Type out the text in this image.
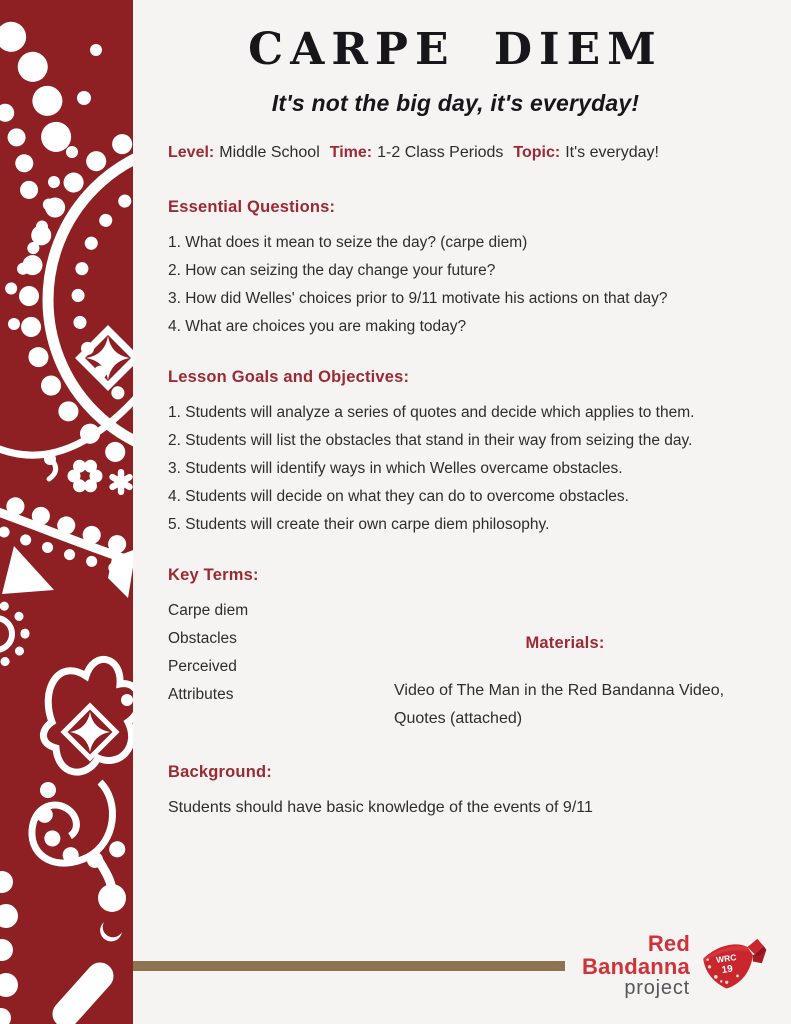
CARPE DIEM
It's not the big day, it's everyday!
Level: Middle School Time: 1-2 Class Periods Topic: It's everyday!
Essential Questions:
1. What does it mean to seize the day? (carpe diem)
2. How can seizing the day change your future?
3. How did Welles' choices prior to 9/11 motivate his actions on that day?
4. What are choices you are making today?
Lesson Goals and Objectives:
1. Students will analyze a series of quotes and decide which applies to them.
2. Students will list the obstacles that stand in their way from seizing the day.
3. Students will identify ways in which Welles overcame obstacles.
4. Students will decide on what they can do to overcome obstacles.
5. Students will create their own carpe diem philosophy.
Key Terms:
Carpe diem
Obstacles
Perceived
Attributes
Materials:
Video of The Man in the Red Bandanna Video, Quotes (attached)
Background:
Students should have basic knowledge of the events of 9/11
Red Bandanna
project
WRC
19
